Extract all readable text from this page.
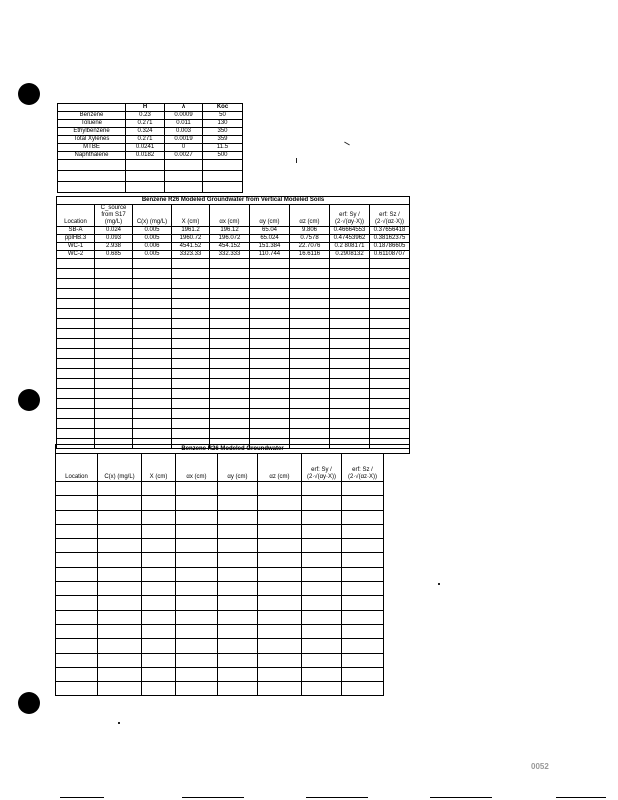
	H	λ	Koc
Benzene	0.23	0.0009	50
Toluene	0.271	0.011	130
Ethylbenzene	0.324	0.003	350
Total Xylenes	0.271	0.0019	359
MTBE	0.0241	0	11.5
Naphthalene	0.0182	0.0027	500

Benzene R26 Modeled Groundwater from Vertical Modeled Soils								
Location	C_source from S17 (mg/L)	C(x) (mg/L)	X (cm)	αx (cm)	αy (cm)	αz (cm)	erf: Sy / (2·√(αy·X))	erf: Sz / (2·√(αz·X))
SB-A	0.024	0.005	1961.2	196.12	65.04	9.806	0.46664553	0.37656418
pplHB.3	0.093	0.005	1960.72	196.072	65.024	0.7578	0.47453962	0.38162375
WC-1	2.938	0.006	4541.52	454.152	151.384	22.7076	0.2 808171	0.18786605
WC-2	0.685	0.005	3323.33	332.333	110.744	16.6116	0.2908132	0.61108707

Benzene R26 Modeled Groundwater								
Location	C(x) (mg/L)	X (cm)	αx (cm)	αy (cm)	αz (cm)	erf: Sy / (2·√(αy·X))	erf: Sz / (2·√(αz·X))	

0052
